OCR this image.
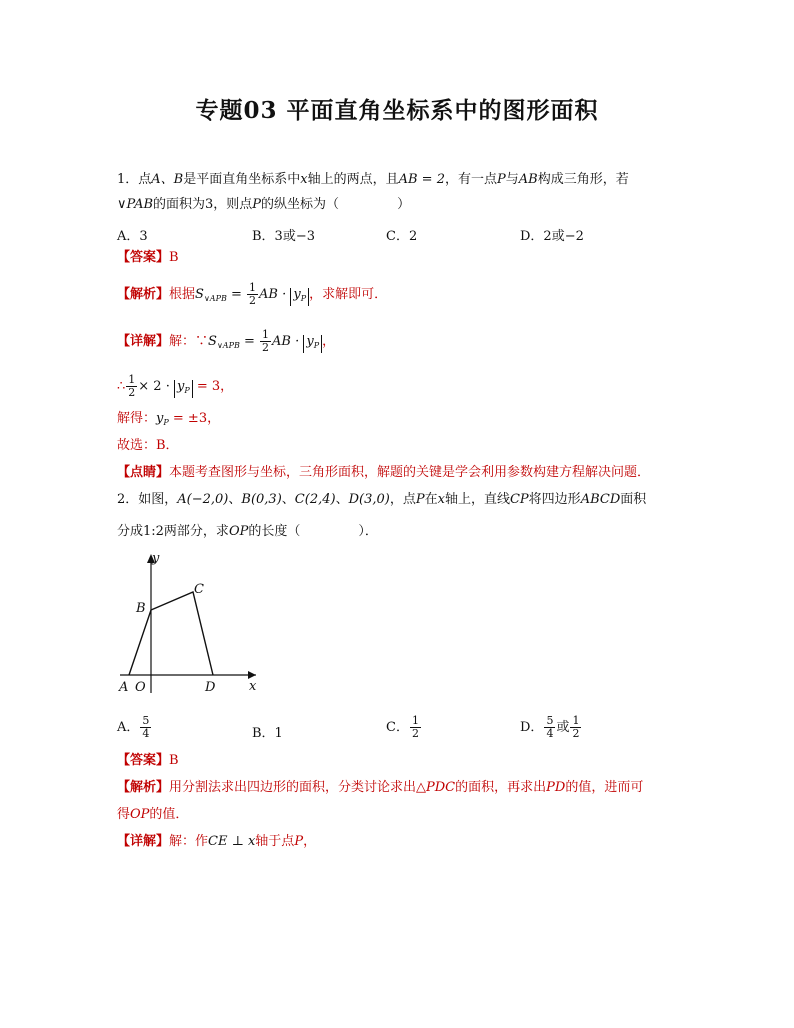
专题03 平面直角坐标系中的图形面积
1．点A、B是平面直角坐标系中x轴上的两点，且AB = 2，有一点P与AB构成三角形，若
∨PAB的面积为3，则点P的纵坐标为（	）
A．3	B．3或−3	C．2	D．2或−2
【答案】B
【解析】根据$S_{\vee APB} = \frac{1}{2}$ AB · $y_P$ ，求解即可．
【详解】解：$\because S_{\vee APB} = \frac{1}{2}$ AB · $y_P$ ，
∴ $\frac{1}{2} \times 2 \cdot y_P = 3$，
解得：$y_P = \pm 3$，
故选：B．
【点睛】本题考查图形与坐标，三角形面积，解题的关键是学会利用参数构建方程解决问题．
2．如图，A(−2,0)、B(0,3)、C(2,4)、D(3,0)，点P在x轴上，直线CP将四边形ABCD面积
分成1:2两部分，求OP的长度（	）．
y
x
A O
B
C
D
A． $\frac{5}{4}$	B．1	C． $\frac{1}{2}$	D． $\frac{5}{4}$ 或 $\frac{1}{2}$
【答案】B
【解析】用分割法求出四边形的面积，分类讨论求出△PDC的面积，再求出PD的值，进而可
得OP的值．
【详解】解：作CE ⊥ x轴于点P，
